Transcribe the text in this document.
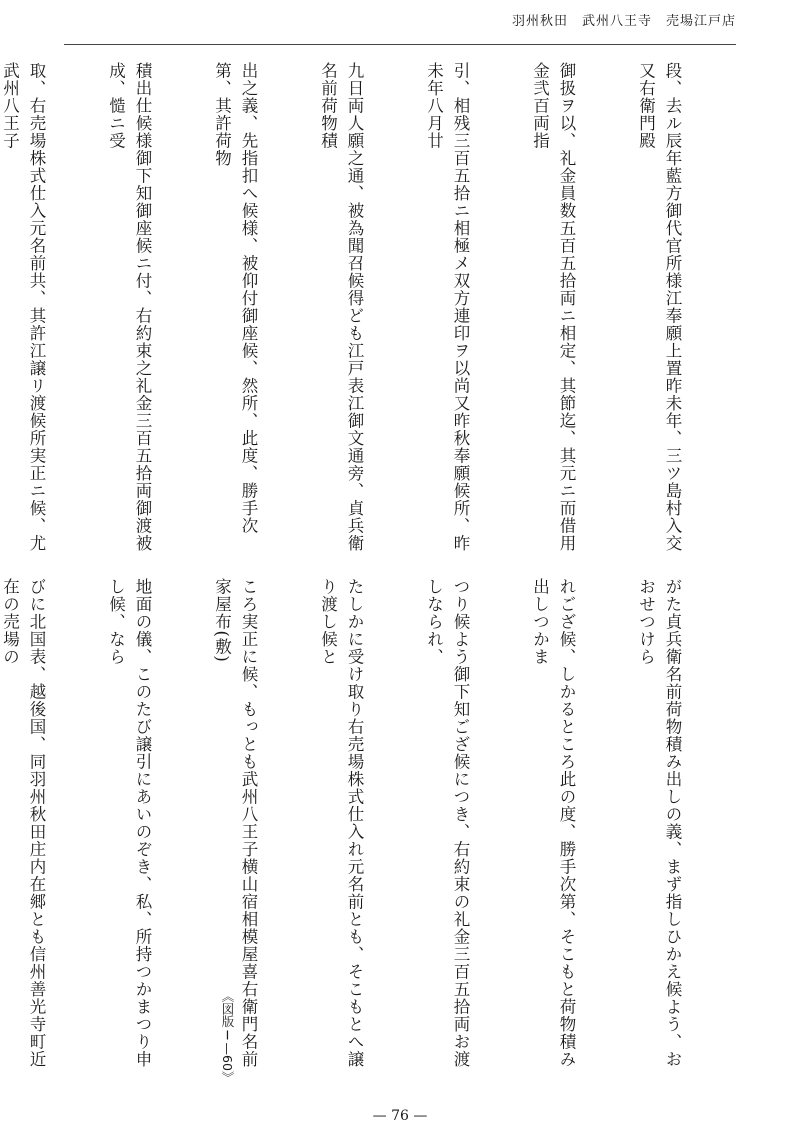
羽州秋田　武州八王寺　売場江戸店

段、去ル辰年藍方御代官所様江奉願上置昨未年、三ツ島村入交又右衛門殿

御扱ヲ以、礼金員数五百五拾両ニ相定、其節迄、其元ニ而借用金弐百両指

引、相残三百五拾ニ相極メ双方連印ヲ以尚又昨秋奉願候所、昨未年八月廿

九日両人願之通、被為聞召候得ども江戸表江御文通旁、貞兵衛名前荷物積

出之義、先指扣へ候様、被仰付御座候、然所、此度、勝手次第、其許荷物

積出仕候様御下知御座候ニ付、右約束之礼金三百五拾両御渡被成、慥ニ受

取、右売場株式仕入元名前共、其許江譲リ渡候所実正ニ候、尤武州八王子

がた貞兵衛名前荷物積み出しの義、まず指しひかえ候よう、おおせつけら

れござ候、しかるところ此の度、勝手次第、そこもと荷物積み出しつかま

つり候よう御下知ござ候につき、右約束の礼金三百五拾両お渡しなられ、

たしかに受け取り右売場株式仕入れ元名前とも、そこもとへ譲り渡し候と

ころ実正に候、もっとも武州八王子横山宿相模屋喜右衛門名前家屋布(敷)

地面の儀、このたび譲引にあいのぞき、私、所持つかまつり申し候、なら

びに北国表、越後国、同羽州秋田庄内在郷とも信州善光寺町近在の売場の

《図版Ⅰ—60》
— 76 —
